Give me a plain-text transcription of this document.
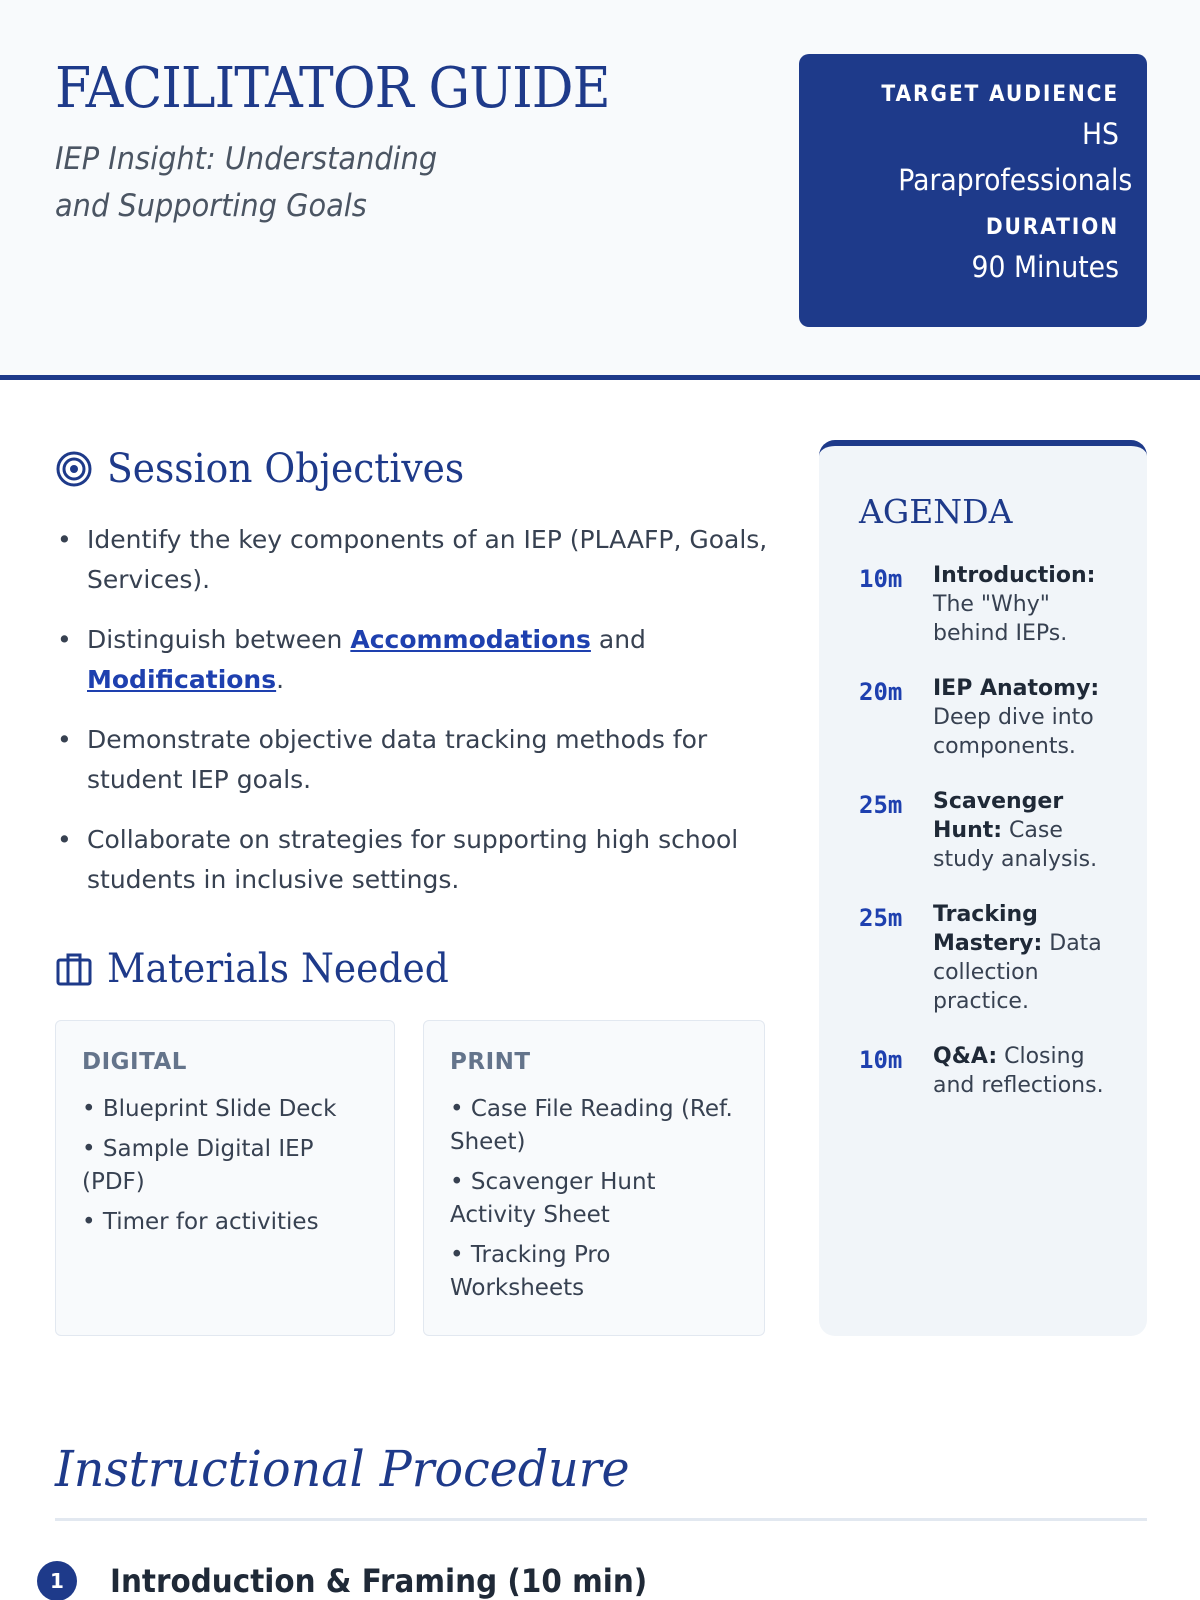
FACILITATOR GUIDE
IEP Insight: Understanding and Supporting Goals
TARGET AUDIENCE
HS Paraprofessionals
DURATION
90 Minutes
Session Objectives
• Identify the key components of an IEP (PLAAFP, Goals, Services).
• Distinguish between Accommodations and
Modifications.
• Demonstrate objective data tracking methods for student IEP goals.
• Collaborate on strategies for supporting high school students in inclusive settings.
Materials Needed
DIGITAL
• Blueprint Slide Deck
• Sample Digital IEP (PDF)
• Timer for activities
PRINT
• Case File Reading (Ref. Sheet)
• Scavenger Hunt Activity Sheet
• Tracking Pro Worksheets
AGENDA
10m	Introduction: The "Why" behind IEPs.
20m	IEP Anatomy: Deep dive into components.
25m	Scavenger Hunt: Case study analysis.
25m	Tracking Mastery: Data collection practice.
10m	Q&A: Closing and reflections.
Instructional Procedure
1	Introduction & Framing (10 min)
